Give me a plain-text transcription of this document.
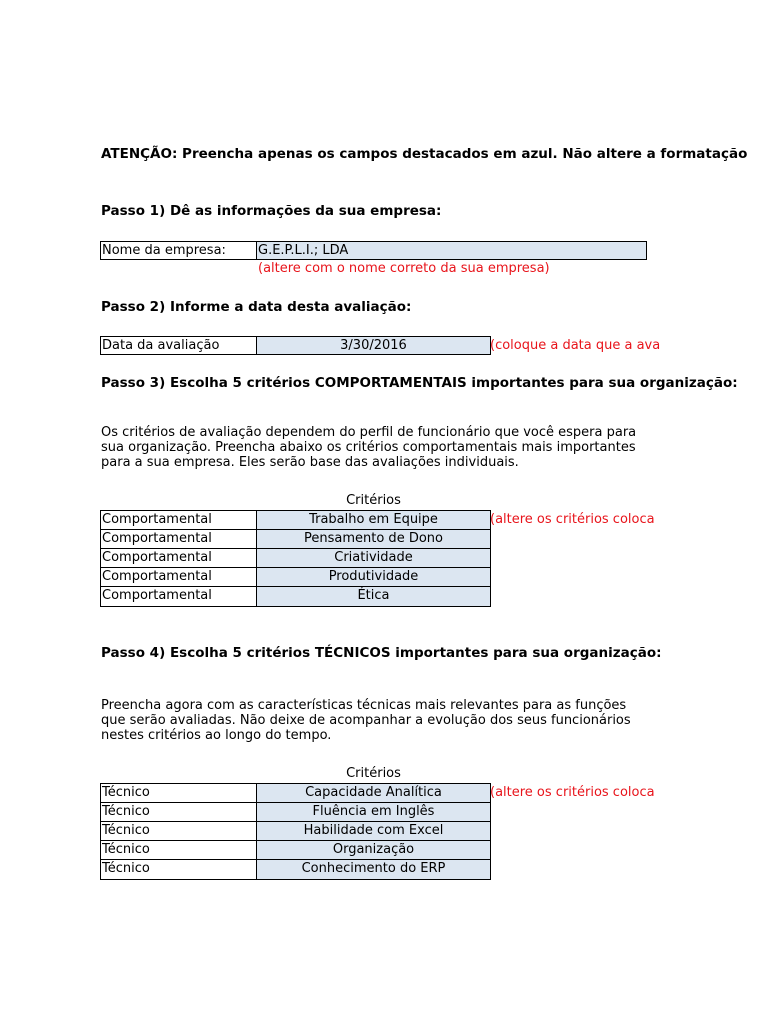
ATENÇÃO: Preencha apenas os campos destacados em azul. Não altere a formatação
Passo 1) Dê as informações da sua empresa:
Nome da empresa:	G.E.P.L.I.; LDA
(altere com o nome correto da sua empresa)
Passo 2) Informe a data desta avaliação:
Data da avaliação	3/30/2016	(coloque a data que a ava
Passo 3) Escolha 5 critérios COMPORTAMENTAIS importantes para sua organização:
Os critérios de avaliação dependem do perfil de funcionário que você espera para sua organização. Preencha abaixo os critérios comportamentais mais importantes para a sua empresa. Eles serão base das avaliações individuais.
Critérios
Comportamental	Trabalho em Equipe
Comportamental	Pensamento de Dono
Comportamental	Criatividade
Comportamental	Produtividade
Comportamental	Ética
(altere os critérios coloca
Passo 4) Escolha 5 critérios TÉCNICOS importantes para sua organização:
Preencha agora com as características técnicas mais relevantes para as funções que serão avaliadas. Não deixe de acompanhar a evolução dos seus funcionários nestes critérios ao longo do tempo.
Critérios
Técnico	Capacidade Analítica
Técnico	Fluência em Inglês
Técnico	Habilidade com Excel
Técnico	Organização
Técnico	Conhecimento do ERP
(altere os critérios coloca
